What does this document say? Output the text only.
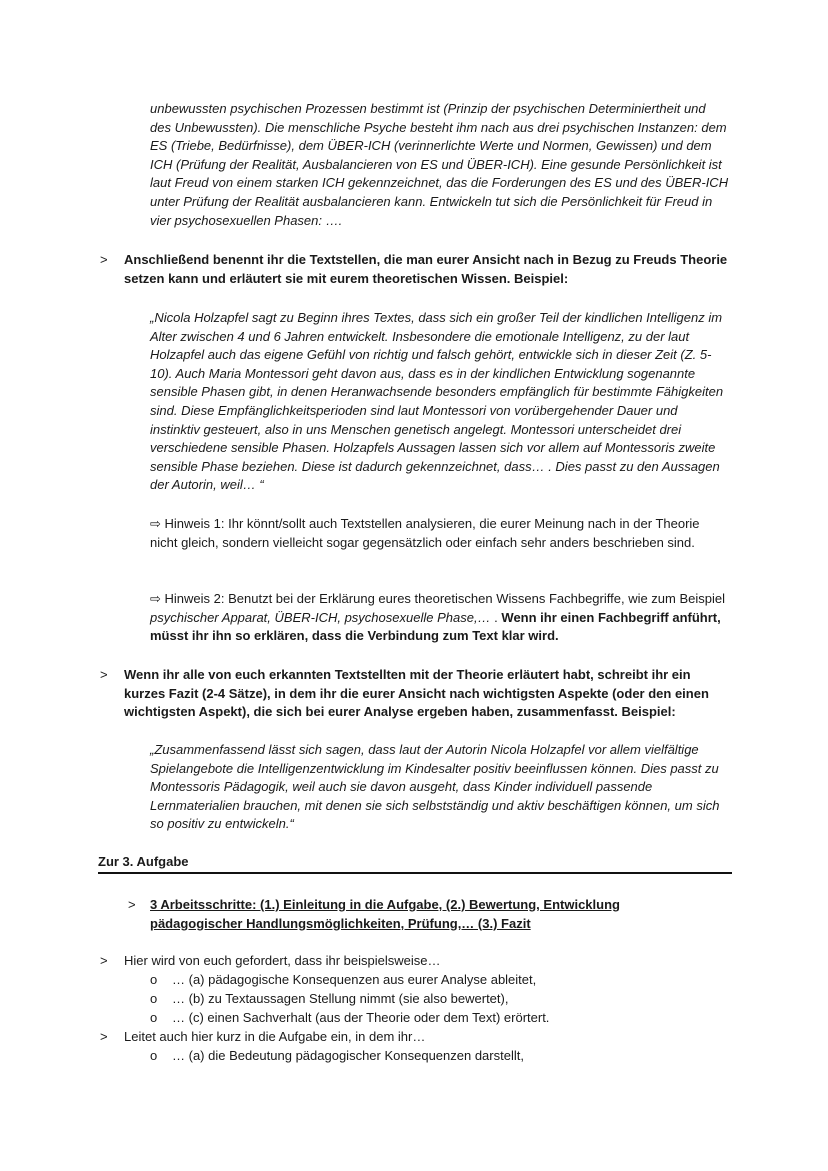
unbewussten psychischen Prozessen bestimmt ist (Prinzip der psychischen Determiniertheit und des Unbewussten). Die menschliche Psyche besteht ihm nach aus drei psychischen Instanzen: dem ES (Triebe, Bedürfnisse), dem ÜBER-ICH (verinnerlichte Werte und Normen, Gewissen) und dem ICH (Prüfung der Realität, Ausbalancieren von ES und ÜBER-ICH). Eine gesunde Persönlichkeit ist laut Freud von einem starken ICH gekennzeichnet, das die Forderungen des ES und des ÜBER-ICH unter Prüfung der Realität ausbalancieren kann. Entwickeln tut sich die Persönlichkeit für Freud in vier psychosexuellen Phasen: ….
> Anschließend benennt ihr die Textstellen, die man eurer Ansicht nach in Bezug zu Freuds Theorie setzen kann und erläutert sie mit eurem theoretischen Wissen. Beispiel:
„Nicola Holzapfel sagt zu Beginn ihres Textes, dass sich ein großer Teil der kindlichen Intelligenz im Alter zwischen 4 und 6 Jahren entwickelt. Insbesondere die emotionale Intelligenz, zu der laut Holzapfel auch das eigene Gefühl von richtig und falsch gehört, entwickle sich in dieser Zeit (Z. 5-10). Auch Maria Montessori geht davon aus, dass es in der kindlichen Entwicklung sogenannte sensible Phasen gibt, in denen Heranwachsende besonders empfänglich für bestimmte Fähigkeiten sind. Diese Empfänglichkeitsperioden sind laut Montessori von vorübergehender Dauer und instinktiv gesteuert, also in uns Menschen genetisch angelegt. Montessori unterscheidet drei verschiedene sensible Phasen. Holzapfels Aussagen lassen sich vor allem auf Montessoris zweite sensible Phase beziehen. Diese ist dadurch gekennzeichnet, dass… . Dies passt zu den Aussagen der Autorin, weil… “
⇨ Hinweis 1: Ihr könnt/sollt auch Textstellen analysieren, die eurer Meinung nach in der Theorie nicht gleich, sondern vielleicht sogar gegensätzlich oder einfach sehr anders beschrieben sind.
⇨ Hinweis 2: Benutzt bei der Erklärung eures theoretischen Wissens Fachbegriffe, wie zum Beispiel psychischer Apparat, ÜBER-ICH, psychosexuelle Phase,… . Wenn ihr einen Fachbegriff anführt, müsst ihr ihn so erklären, dass die Verbindung zum Text klar wird.
> Wenn ihr alle von euch erkannten Textstellten mit der Theorie erläutert habt, schreibt ihr ein kurzes Fazit (2-4 Sätze), in dem ihr die eurer Ansicht nach wichtigsten Aspekte (oder den einen wichtigsten Aspekt), die sich bei eurer Analyse ergeben haben, zusammenfasst. Beispiel:
„Zusammenfassend lässt sich sagen, dass laut der Autorin Nicola Holzapfel vor allem vielfältige Spielangebote die Intelligenzentwicklung im Kindesalter positiv beeinflussen können. Dies passt zu Montessoris Pädagogik, weil auch sie davon ausgeht, dass Kinder individuell passende Lernmaterialien brauchen, mit denen sie sich selbstständig und aktiv beschäftigen können, um sich so positiv zu entwickeln.“
Zur 3. Aufgabe
> 3 Arbeitsschritte: (1.) Einleitung in die Aufgabe, (2.) Bewertung, Entwicklung pädagogischer Handlungsmöglichkeiten, Prüfung,… (3.) Fazit
> Hier wird von euch gefordert, dass ihr beispielsweise…
o … (a) pädagogische Konsequenzen aus eurer Analyse ableitet,
o … (b) zu Textaussagen Stellung nimmt (sie also bewertet),
o … (c) einen Sachverhalt (aus der Theorie oder dem Text) erörtert.
> Leitet auch hier kurz in die Aufgabe ein, in dem ihr…
o … (a) die Bedeutung pädagogischer Konsequenzen darstellt,
